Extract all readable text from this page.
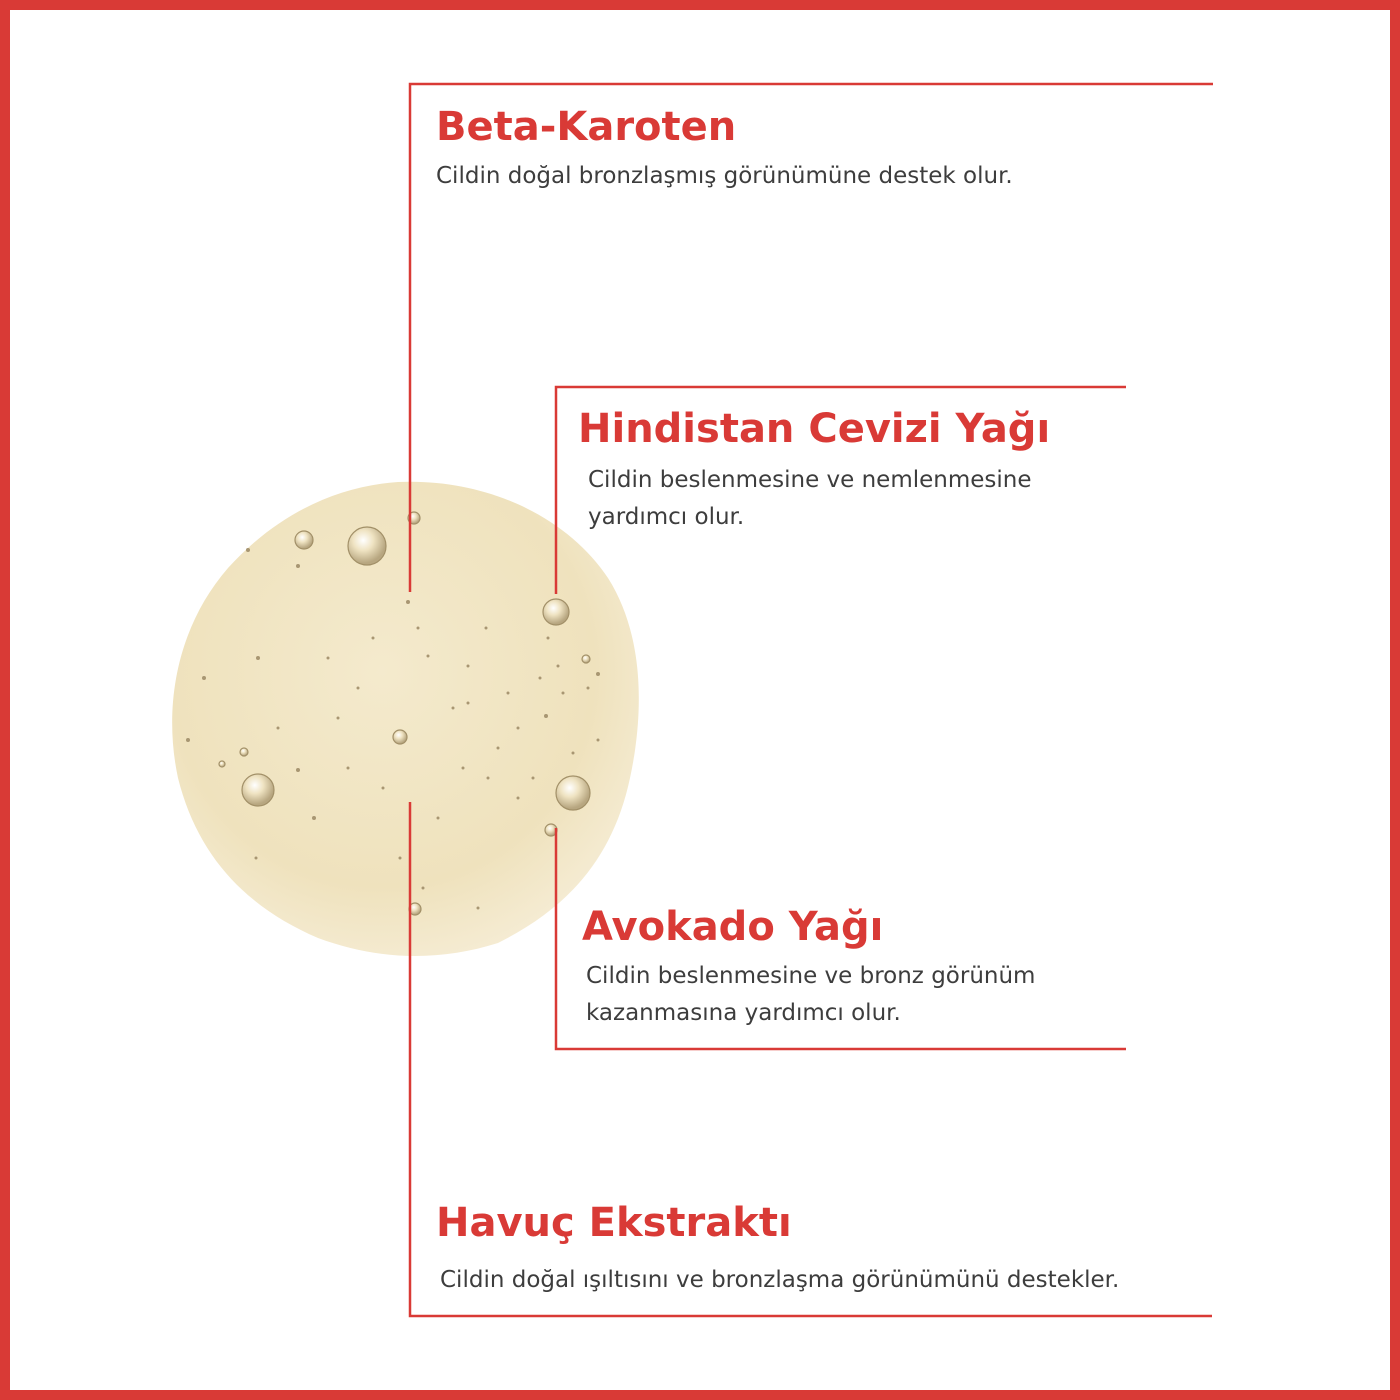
Beta-Karoten
Cildin doğal bronzlaşmış görünümüne destek olur.
Hindistan Cevizi Yağı
Cildin beslenmesine ve nemlenmesine yardımcı olur.
Avokado Yağı
Cildin beslenmesine ve bronz görünüm kazanmasına yardımcı olur.
Havuç Ekstraktı
Cildin doğal ışıltısını ve bronzlaşma görünümünü destekler.
